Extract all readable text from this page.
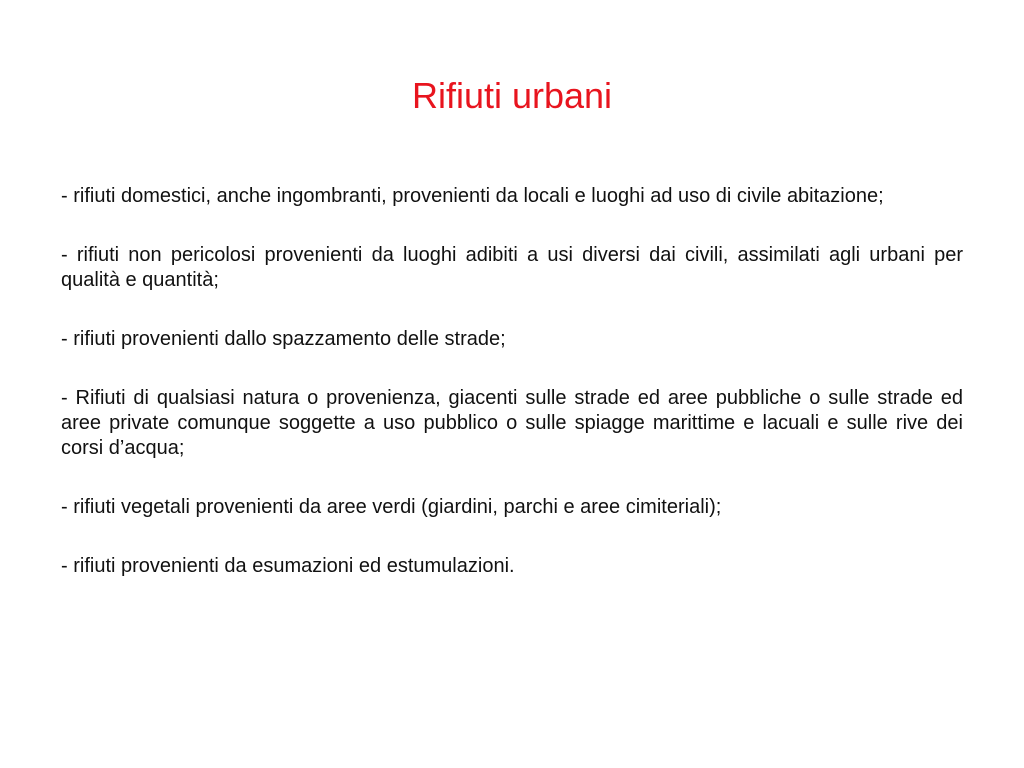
Rifiuti urbani

- rifiuti domestici, anche ingombranti, provenienti da locali e luoghi ad uso di civile abitazione;

- rifiuti non pericolosi provenienti da luoghi adibiti a usi diversi dai civili, assimilati agli urbani per qualità e quantità;

- rifiuti provenienti dallo spazzamento delle strade;

- Rifiuti di qualsiasi natura o provenienza, giacenti sulle strade ed aree pubbliche o sulle strade ed aree private comunque soggette a uso pubblico o sulle spiagge marittime e lacuali e sulle rive dei corsi d’acqua;

- rifiuti vegetali provenienti da aree verdi (giardini, parchi e aree cimiteriali);

- rifiuti provenienti da esumazioni ed estumulazioni.
